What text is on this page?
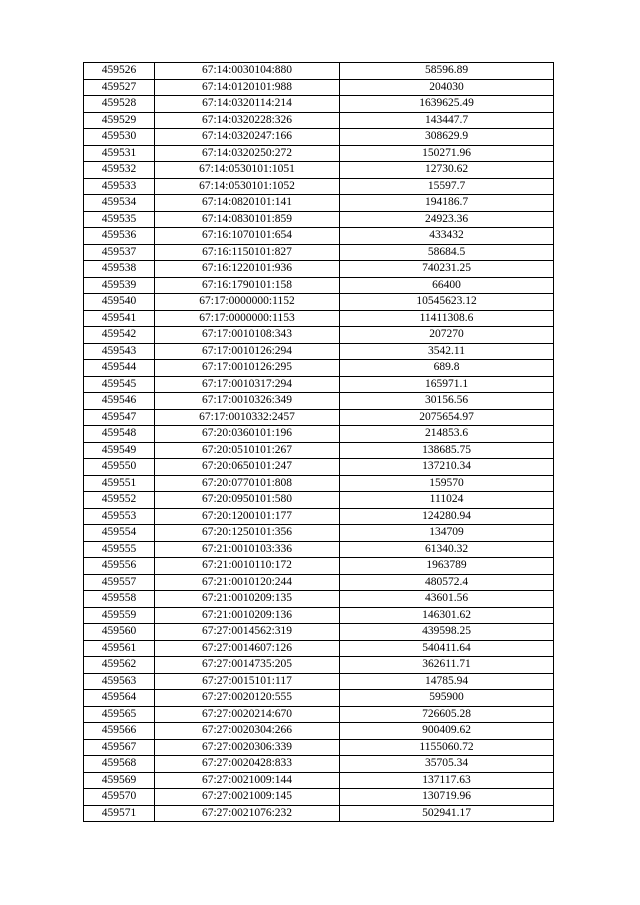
459526	67:14:0030104:880	58596.89
459527	67:14:0120101:988	204030
459528	67:14:0320114:214	1639625.49
459529	67:14:0320228:326	143447.7
459530	67:14:0320247:166	308629.9
459531	67:14:0320250:272	150271.96
459532	67:14:0530101:1051	12730.62
459533	67:14:0530101:1052	15597.7
459534	67:14:0820101:141	194186.7
459535	67:14:0830101:859	24923.36
459536	67:16:1070101:654	433432
459537	67:16:1150101:827	58684.5
459538	67:16:1220101:936	740231.25
459539	67:16:1790101:158	66400
459540	67:17:0000000:1152	10545623.12
459541	67:17:0000000:1153	11411308.6
459542	67:17:0010108:343	207270
459543	67:17:0010126:294	3542.11
459544	67:17:0010126:295	689.8
459545	67:17:0010317:294	165971.1
459546	67:17:0010326:349	30156.56
459547	67:17:0010332:2457	2075654.97
459548	67:20:0360101:196	214853.6
459549	67:20:0510101:267	138685.75
459550	67:20:0650101:247	137210.34
459551	67:20:0770101:808	159570
459552	67:20:0950101:580	111024
459553	67:20:1200101:177	124280.94
459554	67:20:1250101:356	134709
459555	67:21:0010103:336	61340.32
459556	67:21:0010110:172	1963789
459557	67:21:0010120:244	480572.4
459558	67:21:0010209:135	43601.56
459559	67:21:0010209:136	146301.62
459560	67:27:0014562:319	439598.25
459561	67:27:0014607:126	540411.64
459562	67:27:0014735:205	362611.71
459563	67:27:0015101:117	14785.94
459564	67:27:0020120:555	595900
459565	67:27:0020214:670	726605.28
459566	67:27:0020304:266	900409.62
459567	67:27:0020306:339	1155060.72
459568	67:27:0020428:833	35705.34
459569	67:27:0021009:144	137117.63
459570	67:27:0021009:145	130719.96
459571	67:27:0021076:232	502941.17
